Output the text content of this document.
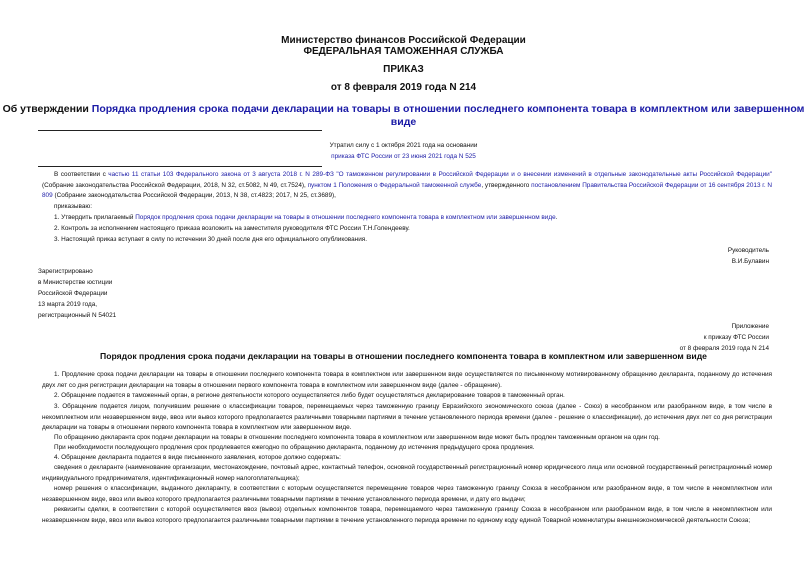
Министерство финансов Российской Федерации
ФЕДЕРАЛЬНАЯ ТАМОЖЕННАЯ СЛУЖБА
ПРИКАЗ
от 8 февраля 2019 года N 214
Об утверждении Порядка продления срока подачи декларации на товары в отношении последнего компонента товара в комплектном или завершенном виде
Утратил силу с 1 октября 2021 года на основании
приказа ФТС России от 23 июня 2021 года N 525
В соответствии с частью 11 статьи 103 Федерального закона от 3 августа 2018 г. N 289-ФЗ "О таможенном регулировании в Российской Федерации и о внесении изменений в отдельные законодательные акты Российской Федерации" (Собрание законодательства Российской Федерации, 2018, N 32, ст.5082, N 49, ст.7524), пунктом 1 Положения о Федеральной таможенной службе, утвержденного постановлением Правительства Российской Федерации от 16 сентября 2013 г. N 809 (Собрание законодательства Российской Федерации, 2013, N 38, ст.4823; 2017, N 25, ст.3689),
приказываю:
1. Утвердить прилагаемый Порядок продления срока подачи декларации на товары в отношении последнего компонента товара в комплектном или завершенном виде.
2. Контроль за исполнением настоящего приказа возложить на заместителя руководителя ФТС России Т.Н.Голендееву.
3. Настоящий приказ вступает в силу по истечении 30 дней после дня его официального опубликования.
Руководитель
В.И.Булавин
Зарегистрировано
в Министерстве юстиции
Российской Федерации
13 марта 2019 года,
регистрационный N 54021
Приложение
к приказу ФТС России
от 8 февраля 2019 года N 214
Порядок продления срока подачи декларации на товары в отношении последнего компонента товара в комплектном или завершенном виде
1. Продление срока подачи декларации на товары в отношении последнего компонента товара в комплектном или завершенном виде осуществляется по письменному мотивированному обращению декларанта, поданному до истечения двух лет со дня регистрации декларации на товары в отношении первого компонента товара в комплектном или завершенном виде (далее - обращение).
2. Обращение подается в таможенный орган, в регионе деятельности которого осуществляется либо будет осуществляться декларирование товаров в таможенный орган.
3. Обращение подается лицом, получившим решение о классификации товаров, перемещаемых через таможенную границу Евразийского экономического союза (далее - Союз) в несобранном или разобранном виде, в том числе в некомплектном или незавершенном виде, ввоз или вывоз которого предполагается различными товарными партиями в течение установленного периода времени (далее - решение о классификации), до истечения двух лет со дня регистрации декларации на товары в отношении первого компонента товара в комплектном или завершенном виде.
По обращению декларанта срок подачи декларации на товары в отношении последнего компонента товара в комплектном или завершенном виде может быть продлен таможенным органом на один год.
При необходимости последующего продления срок продлевается ежегодно по обращению декларанта, поданному до истечения предыдущего срока продления.
4. Обращение декларанта подается в виде письменного заявления, которое должно содержать:
сведения о декларанте (наименование организации, местонахождение, почтовый адрес, контактный телефон, основной государственный регистрационный номер юридического лица или основной государственный регистрационный номер индивидуального предпринимателя, идентификационный номер налогоплательщика);
номер решения о классификации, выданного декларанту, в соответствии с которым осуществляется перемещение товаров через таможенную границу Союза в несобранном или разобранном виде, в том числе в некомплектном или незавершенном виде, ввоз или вывоз которого предполагается различными товарными партиями в течение установленного периода времени, и дату его выдачи;
реквизиты сделки, в соответствии с которой осуществляется ввоз (вывоз) отдельных компонентов товара, перемещаемого через таможенную границу Союза в несобранном или разобранном виде, в том числе в некомплектном или незавершенном виде, ввоз или вывоз которого предполагается различными товарными партиями в течение установленного периода времени по единому коду единой Товарной номенклатуры внешнеэкономической деятельности Союза;
